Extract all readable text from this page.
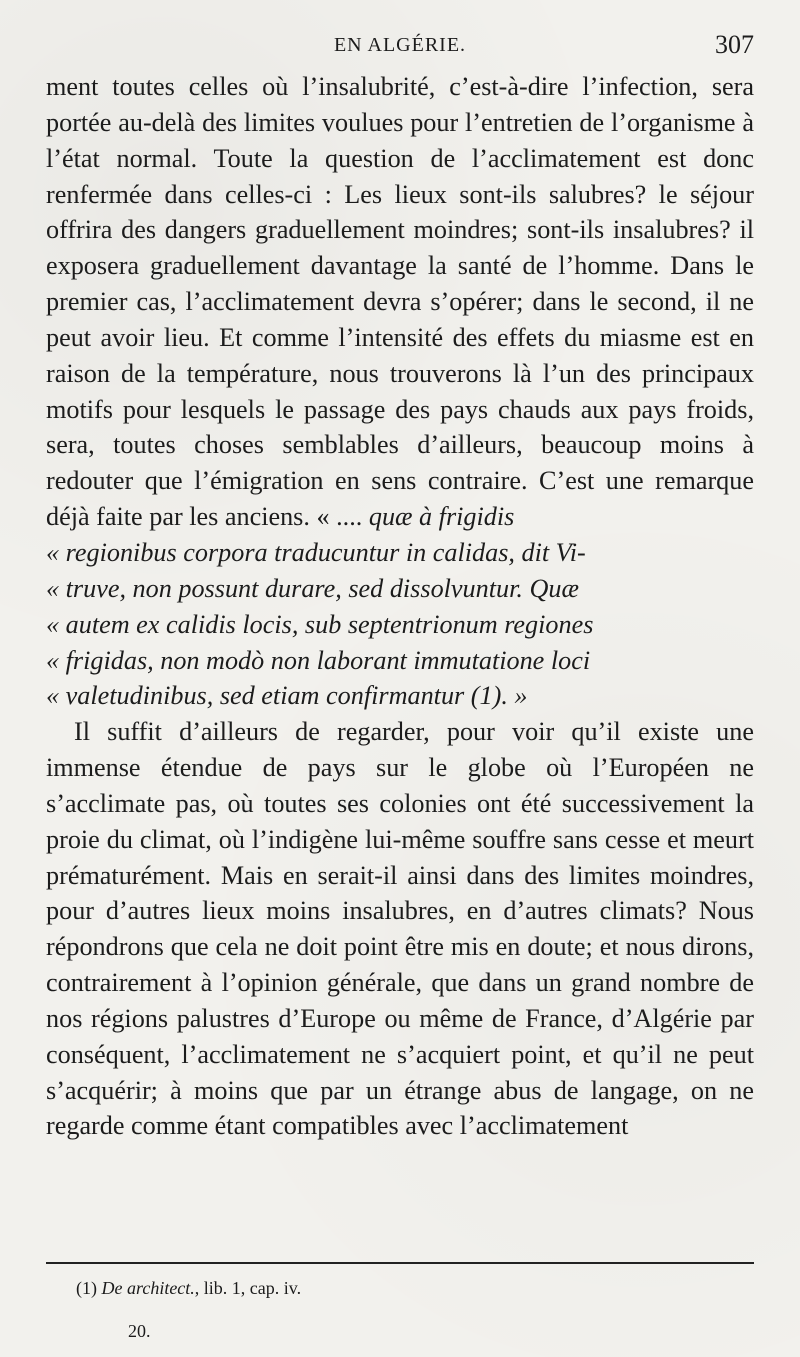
EN ALGÉRIE.	307

ment toutes celles où l’insalubrité, c’est-à-dire l’infection, sera portée au-delà des limites voulues pour l’entretien de l’organisme à l’état normal. Toute la question de l’acclimatement est donc renfermée dans celles-ci : Les lieux sont-ils salubres? le séjour offrira des dangers graduellement moindres; sont-ils insalubres? il exposera graduellement davantage la santé de l’homme. Dans le premier cas, l’acclimatement devra s’opérer; dans le second, il ne peut avoir lieu. Et comme l’intensité des effets du miasme est en raison de la température, nous trouverons là l’un des principaux motifs pour lesquels le passage des pays chauds aux pays froids, sera, toutes choses semblables d’ailleurs, beaucoup moins à redouter que l’émigration en sens contraire. C’est une remarque déjà faite par les anciens. « .... quæ à frigidis

« regionibus corpora traducuntur in calidas, dit Vi-
« truve, non possunt durare, sed dissolvuntur. Quæ
« autem ex calidis locis, sub septentrionum regiones
« frigidas, non modò non laborant immutatione loci
« valetudinibus, sed etiam confirmantur (1). »

Il suffit d’ailleurs de regarder, pour voir qu’il existe une immense étendue de pays sur le globe où l’Européen ne s’acclimate pas, où toutes ses colonies ont été successivement la proie du climat, où l’indigène lui-même souffre sans cesse et meurt prématurément. Mais en serait-il ainsi dans des limites moindres, pour d’autres lieux moins insalubres, en d’autres climats? Nous répondrons que cela ne doit point être mis en doute; et nous dirons, contrairement à l’opinion générale, que dans un grand nombre de nos régions palustres d’Europe ou même de France, d’Algérie par conséquent, l’acclimatement ne s’acquiert point, et qu’il ne peut s’acquérir; à moins que par un étrange abus de langage, on ne regarde comme étant compatibles avec l’acclimatement

(1) De architect., lib. 1, cap. iv.
20.
